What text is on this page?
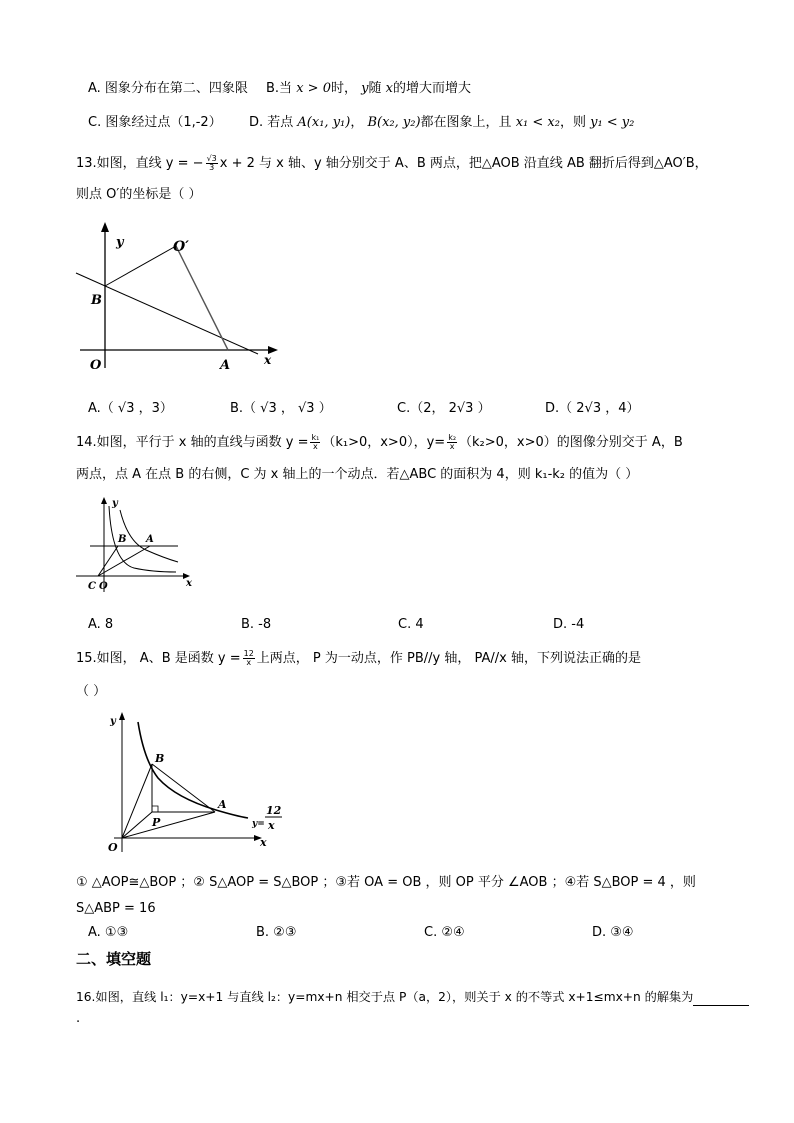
A. 图象分布在第二、四象限 B.当 x > 0时， y随 x的增大而增大
C. 图象经过点（1,-2） D. 若点 A(x₁, y₁)， B(x₂, y₂)都在图象上，且 x₁ < x₂，则 y₁ < y₂
13.如图，直线 y = − $\frac{√3}{3}$ x + 2 与 x 轴、y 轴分别交于 A、B 两点，把△AOB 沿直线 AB 翻折后得到△AO′B，
则点 O′的坐标是（ ）
y	O′
B
O	A	x
A.（ √3 ，3）	B.（ √3 ， √3 ）	C.（2， 2√3 ）	D.（ 2√3 ，4）
14.如图，平行于 x 轴的直线与函数 $y = \frac{\text{k₁}}{x} (k_1>0$，x>0），$y= \frac{\text{k₂}}{x} (k_2>0$，x>0）的图像分别交于 A，B
两点，点 A 在点 B 的右侧，C 为 x 轴上的一个动点．若△ABC 的面积为 4，则 k₁-k₂ 的值为（ ）
y
B A
C O	x
A. 8	B. -8	C. 4	D. -4
15.如图， A、B 是函数 $y = \frac{12}{x}$ 上两点， P 为一动点，作 PB//y 轴， PA//x 轴，下列说法正确的是
（ ）
y
B
A
P
O	x
y=
12
x
① △AOP≅△BOP ；② S△AOP = S△BOP ；③若 OA = OB ，则 OP 平分 ∠AOB ；④若 S△BOP = 4 ，则
S△ABP = 16
A. ①③	B. ②③	C. ②④	D. ③④
二、填空题
16.如图，直线 l₁：y=x+1 与直线 l₂：y=mx+n 相交于点 P（a，2），则关于 x 的不等式 x+1≤mx+n 的解集为
.
